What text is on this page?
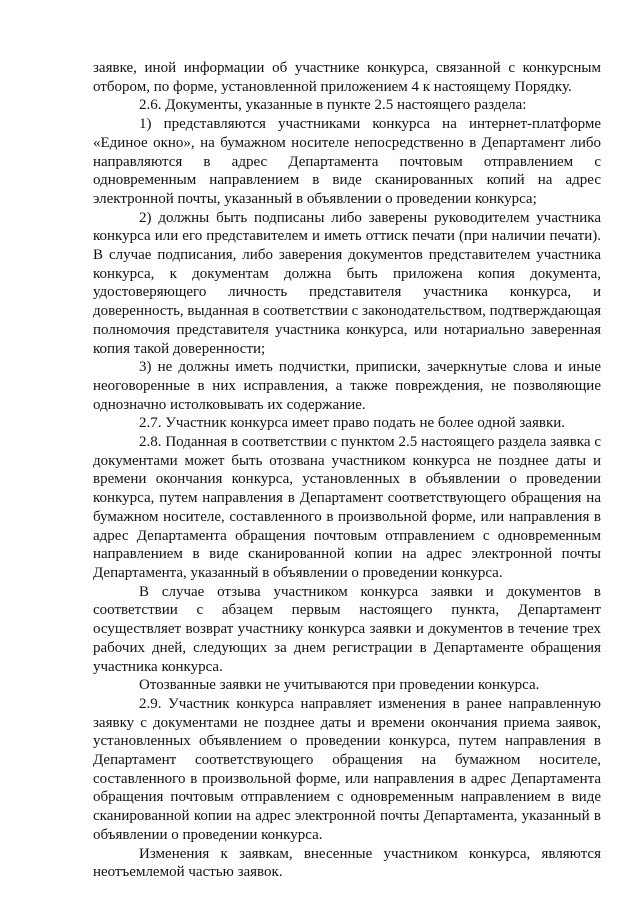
заявке, иной информации об участнике конкурса, связанной с конкурсным отбором, по форме, установленной приложением 4 к настоящему Порядку.

2.6. Документы, указанные в пункте 2.5 настоящего раздела:

1) представляются участниками конкурса на интернет-платформе «Единое окно», на бумажном носителе непосредственно в Департамент либо направляются в адрес Департамента почтовым отправлением с одновременным направлением в виде сканированных копий на адрес электронной почты, указанный в объявлении о проведении конкурса;

2) должны быть подписаны либо заверены руководителем участника конкурса или его представителем и иметь оттиск печати (при наличии печати). В случае подписания, либо заверения документов представителем участника конкурса, к документам должна быть приложена копия документа, удостоверяющего личность представителя участника конкурса, и доверенность, выданная в соответствии с законодательством, подтверждающая полномочия представителя участника конкурса, или нотариально заверенная копия такой доверенности;

3) не должны иметь подчистки, приписки, зачеркнутые слова и иные неоговоренные в них исправления, а также повреждения, не позволяющие однозначно истолковывать их содержание.

2.7. Участник конкурса имеет право подать не более одной заявки.

2.8. Поданная в соответствии с пунктом 2.5 настоящего раздела заявка с документами может быть отозвана участником конкурса не позднее даты и времени окончания конкурса, установленных в объявлении о проведении конкурса, путем направления в Департамент соответствующего обращения на бумажном носителе, составленного в произвольной форме, или направления в адрес Департамента обращения почтовым отправлением с одновременным направлением в виде сканированной копии на адрес электронной почты Департамента, указанный в объявлении о проведении конкурса.

В случае отзыва участником конкурса заявки и документов в соответствии с абзацем первым настоящего пункта, Департамент осуществляет возврат участнику конкурса заявки и документов в течение трех рабочих дней, следующих за днем регистрации в Департаменте обращения участника конкурса.

Отозванные заявки не учитываются при проведении конкурса.

2.9. Участник конкурса направляет изменения в ранее направленную заявку с документами не позднее даты и времени окончания приема заявок, установленных объявлением о проведении конкурса, путем направления в Департамент соответствующего обращения на бумажном носителе, составленного в произвольной форме, или направления в адрес Департамента обращения почтовым отправлением с одновременным направлением в виде сканированной копии на адрес электронной почты Департамента, указанный в объявлении о проведении конкурса.

Изменения к заявкам, внесенные участником конкурса, являются неотъемлемой частью заявок.
